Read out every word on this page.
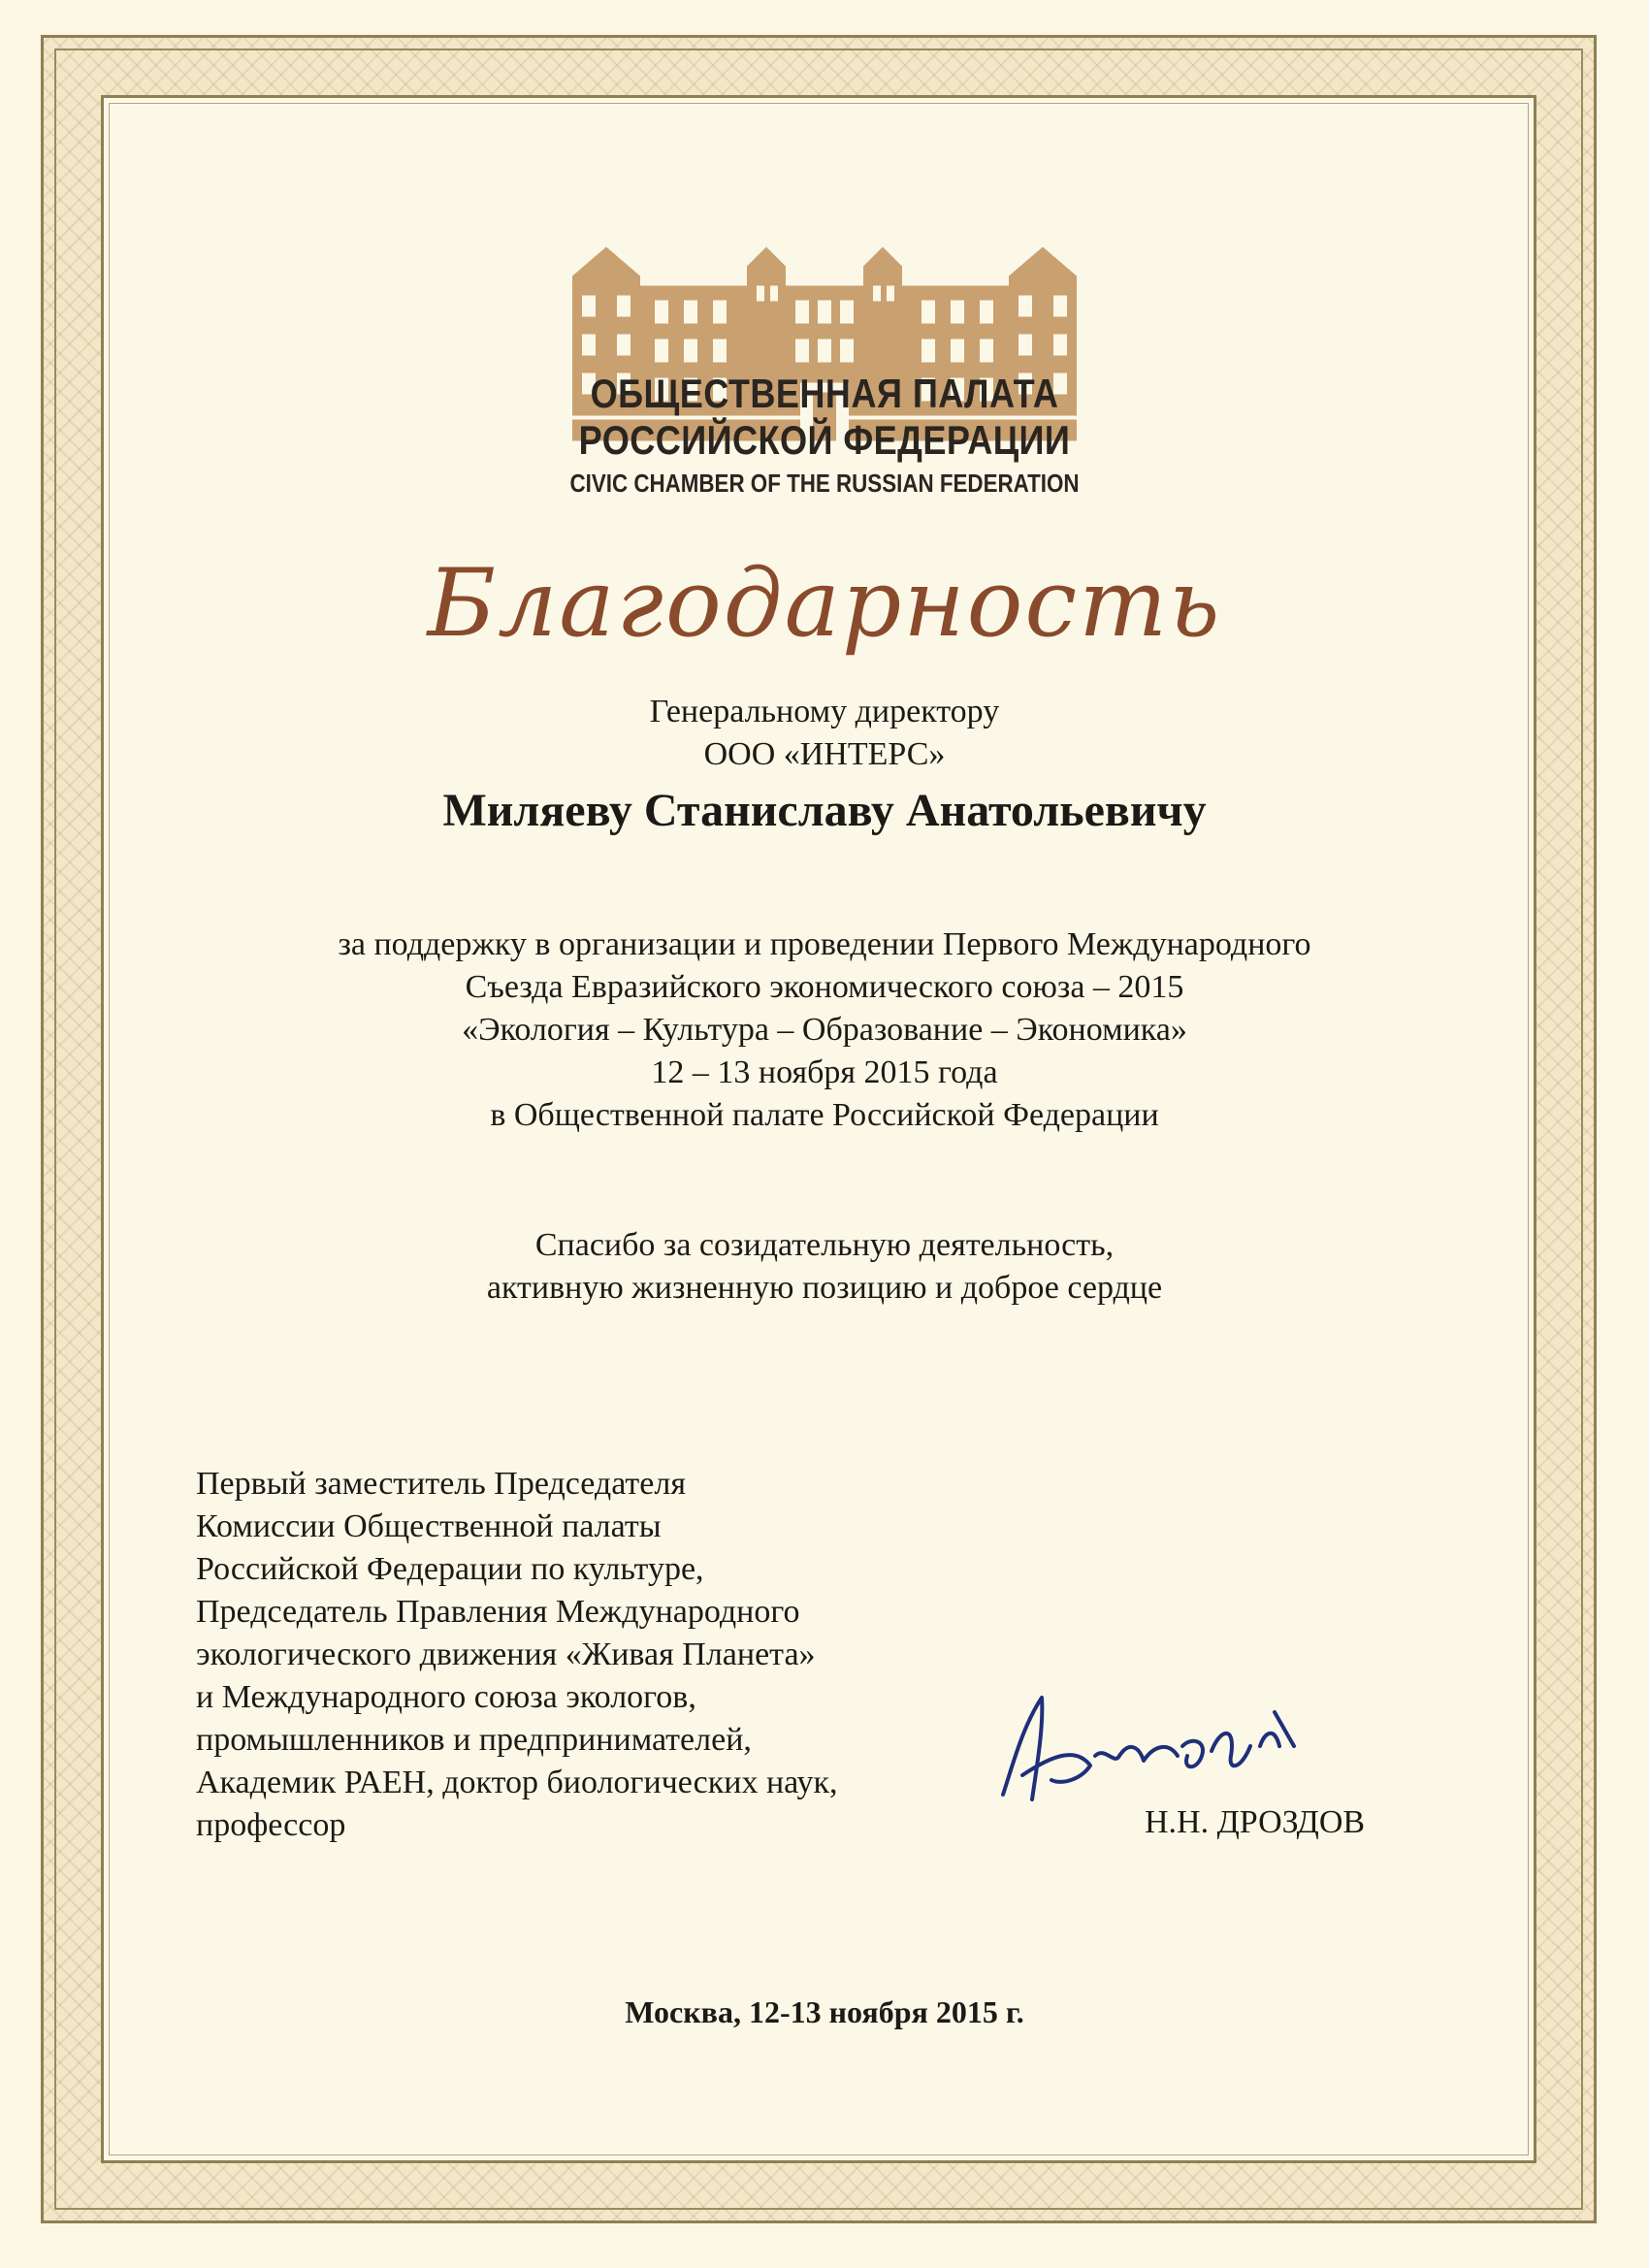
ОБЩЕСТВЕННАЯ ПАЛАТА
РОССИЙСКОЙ ФЕДЕРАЦИИ
CIVIC CHAMBER OF THE RUSSIAN FEDERATION
Благодарность
Генеральному директору
ООО «ИНТЕРС»
Миляеву Станиславу Анатольевичу
за поддержку в организации и проведении Первого Международного
Съезда Евразийского экономического союза – 2015
«Экология – Культура – Образование – Экономика»
12 – 13 ноября 2015 года
в Общественной палате Российской Федерации
Спасибо за созидательную деятельность,
активную жизненную позицию и доброе сердце
Первый заместитель Председателя
Комиссии Общественной палаты
Российской Федерации по культуре,
Председатель Правления Международного
экологического движения «Живая Планета»
и Международного союза экологов,
промышленников и предпринимателей,
Академик РАЕН, доктор биологических наук,
профессор	Н.Н. ДРОЗДОВ
Москва, 12-13 ноября 2015 г.
